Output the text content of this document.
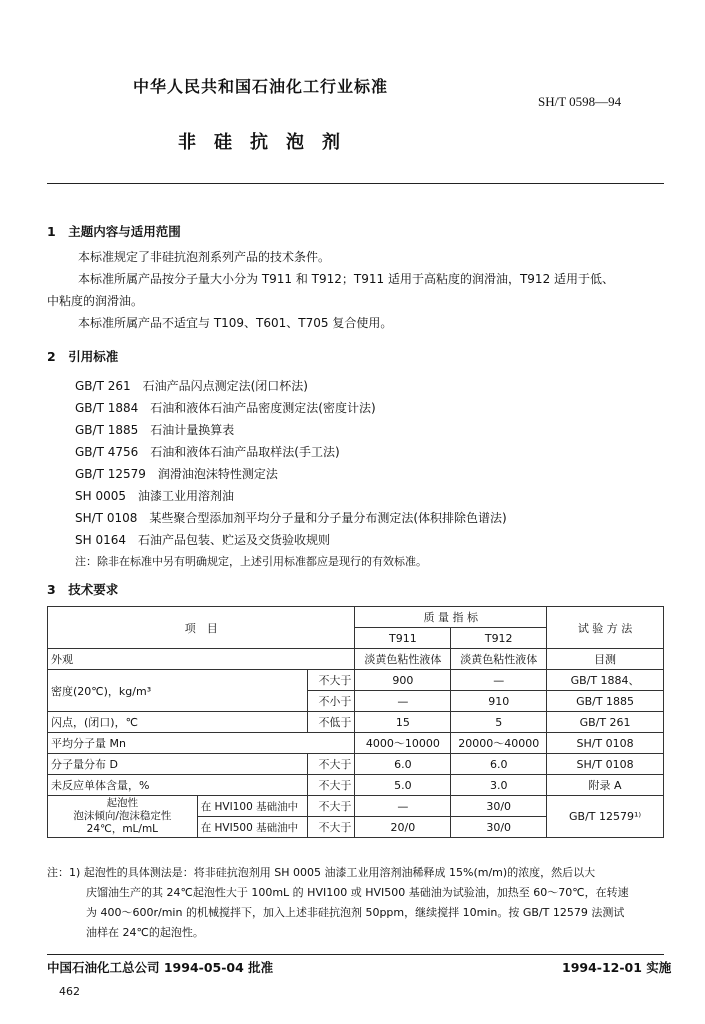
中华人民共和国石油化工行业标准
SH/T 0598—94
非硅抗泡剂
1　主题内容与适用范围
本标准规定了非硅抗泡剂系列产品的技术条件。
本标准所属产品按分子量大小分为 T911 和 T912；T911 适用于高粘度的润滑油，T912 适用于低、
中粘度的润滑油。
本标准所属产品不适宜与 T109、T601、T705 复合使用。
2　引用标准
GB/T 261　石油产品闪点测定法(闭口杯法)
GB/T 1884　石油和液体石油产品密度测定法(密度计法)
GB/T 1885　石油计量换算表
GB/T 4756　石油和液体石油产品取样法(手工法)
GB/T 12579　润滑油泡沫特性测定法
SH 0005　油漆工业用溶剂油
SH/T 0108　某些聚合型添加剂平均分子量和分子量分布测定法(体积排除色谱法)
SH 0164　石油产品包装、贮运及交货验收规则
注：除非在标准中另有明确规定，上述引用标准都应是现行的有效标准。
3　技术要求
项　目			质 量 指 标		试 验 方 法
			T911	T912	
外观			淡黄色粘性液体	淡黄色粘性液体	目测
密度(20℃)，kg/m³		不大于	900	—	GB/T 1884、
		不小于	—	910	GB/T 1885
闪点，(闭口)，℃		不低于	15	5	GB/T 261
平均分子量 Mn			4000～10000	20000～40000	SH/T 0108
分子量分布 D		不大于	6.0	6.0	SH/T 0108
未反应单体含量，%		不大于	5.0	3.0	附录 A

起泡性
泡沫倾向/泡沫稳定性
24℃，mL/mL	在 HVI100 基础油中	不大于	—	30/0	GB/T 12579¹⁾
	在 HVI500 基础油中	不大于	20/0	30/0	
注：1) 起泡性的具体测法是：将非硅抗泡剂用 SH 0005 油漆工业用溶剂油稀释成 15%(m/m)的浓度，然后以大
庆馏油生产的其 24℃起泡性大于 100mL 的 HVI100 或 HVI500 基础油为试验油，加热至 60～70℃，在转速
为 400～600r/min 的机械搅拌下，加入上述非硅抗泡剂 50ppm，继续搅拌 10min。按 GB/T 12579 法测试
油样在 24℃的起泡性。
中国石油化工总公司 1994-05-04 批准	1994-12-01 实施
462
